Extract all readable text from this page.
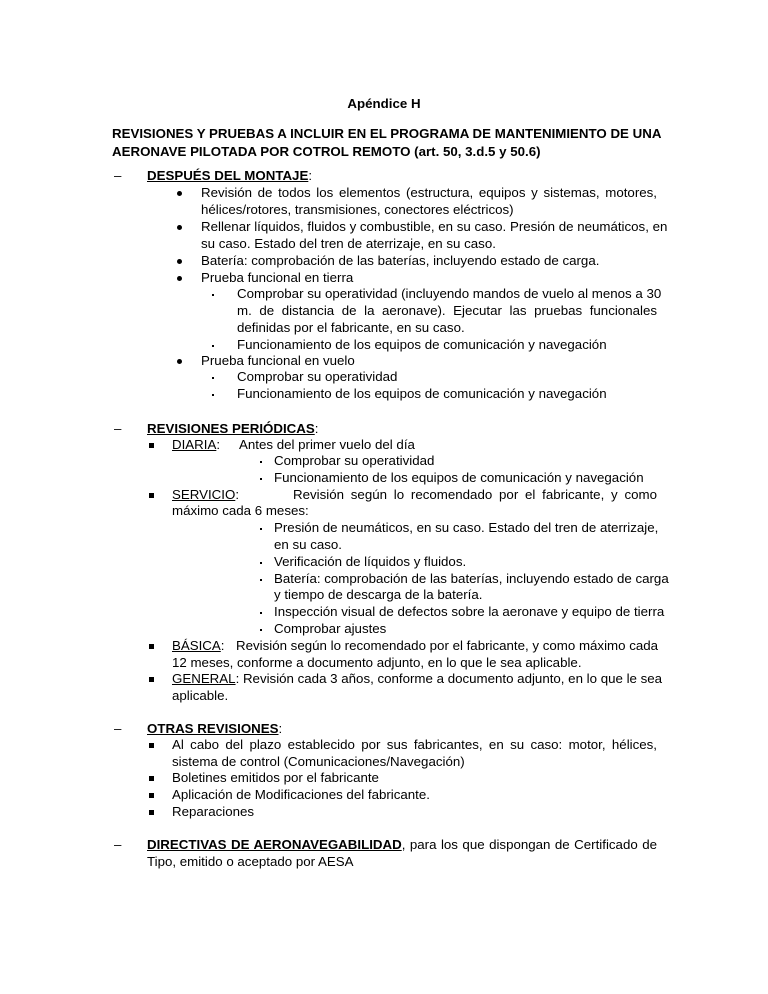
Apéndice H
REVISIONES Y PRUEBAS A INCLUIR EN EL PROGRAMA DE MANTENIMIENTO DE UNA
AERONAVE PILOTADA POR COTROL REMOTO (art. 50, 3.d.5 y 50.6)
– DESPUÉS DEL MONTAJE:
Revisión de todos los elementos (estructura, equipos y sistemas, motores,
hélices/rotores, transmisiones, conectores eléctricos)
Rellenar líquidos, fluidos y combustible, en su caso. Presión de neumáticos, en
su caso. Estado del tren de aterrizaje, en su caso.
Batería: comprobación de las baterías, incluyendo estado de carga.
Prueba funcional en tierra
Comprobar su operatividad (incluyendo mandos de vuelo al menos a 30
m. de distancia de la aeronave). Ejecutar las pruebas funcionales
definidas por el fabricante, en su caso.
Funcionamiento de los equipos de comunicación y navegación
Prueba funcional en vuelo
Comprobar su operatividad
Funcionamiento de los equipos de comunicación y navegación
– REVISIONES PERIÓDICAS:
DIARIA: Antes del primer vuelo del día
Comprobar su operatividad
Funcionamiento de los equipos de comunicación y navegación
SERVICIO:	Revisión según lo recomendado por el fabricante, y como
máximo cada 6 meses:
Presión de neumáticos, en su caso. Estado del tren de aterrizaje,
en su caso.
Verificación de líquidos y fluidos.
Batería: comprobación de las baterías, incluyendo estado de carga
y tiempo de descarga de la batería.
Inspección visual de defectos sobre la aeronave y equipo de tierra
Comprobar ajustes
BÁSICA: Revisión según lo recomendado por el fabricante, y como máximo cada
12 meses, conforme a documento adjunto, en lo que le sea aplicable.
GENERAL: Revisión cada 3 años, conforme a documento adjunto, en lo que le sea
aplicable.
– OTRAS REVISIONES:
Al cabo del plazo establecido por sus fabricantes, en su caso: motor, hélices,
sistema de control (Comunicaciones/Navegación)
Boletines emitidos por el fabricante
Aplicación de Modificaciones del fabricante.
Reparaciones
– DIRECTIVAS DE AERONAVEGABILIDAD, para los que dispongan de Certificado de
Tipo, emitido o aceptado por AESA
